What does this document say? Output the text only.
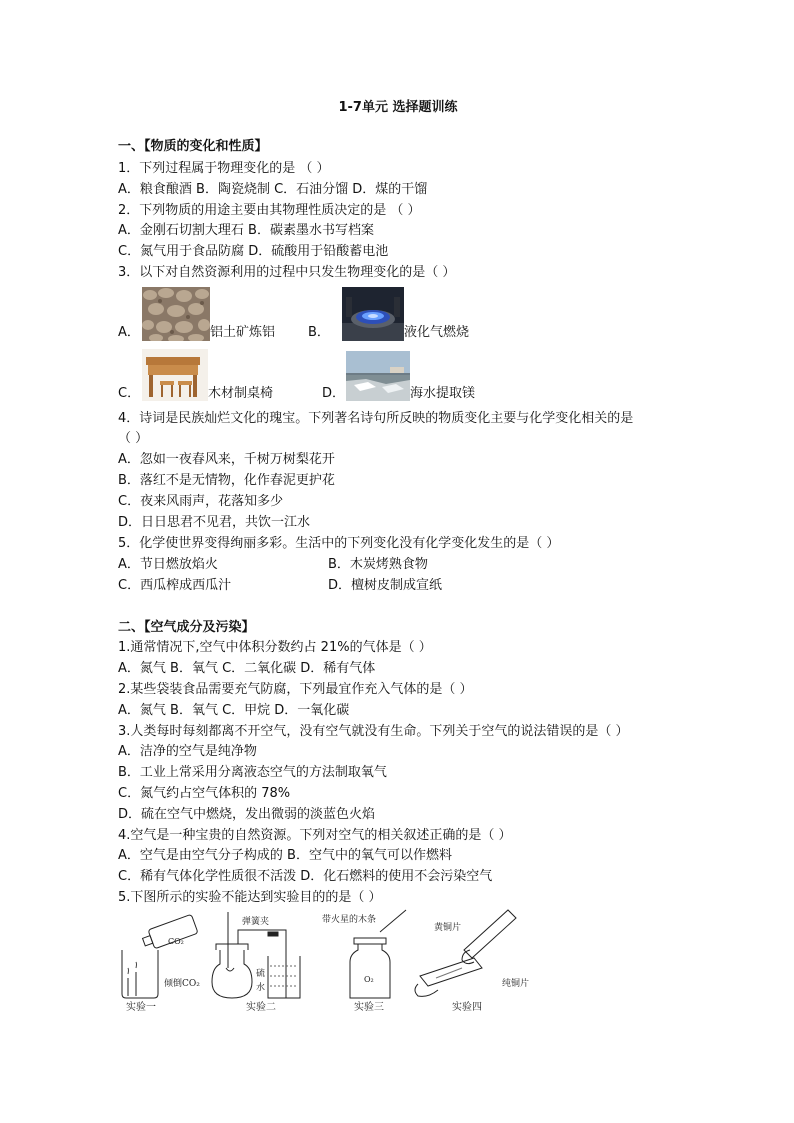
1-7单元 选择题训练
一、【物质的变化和性质】
1．下列过程属于物理变化的是 （ ）
A．粮食酿酒 B．陶瓷烧制 C．石油分馏 D．煤的干馏
2．下列物质的用途主要由其物理性质决定的是 （ ）
A．金刚石切割大理石 B．碳素墨水书写档案
C．氮气用于食品防腐 D．硫酸用于铅酸蓄电池
3．以下对自然资源利用的过程中只发生物理变化的是（ ）
A．	铝土矿炼铝	B．	液化气燃烧
C．	木材制桌椅	D．	海水提取镁
4．诗词是民族灿烂文化的瑰宝。下列著名诗句所反映的物质变化主要与化学变化相关的是
（ ）
A．忽如一夜春风来，千树万树梨花开
B．落红不是无情物，化作春泥更护花
C．夜来风雨声，花落知多少
D．日日思君不见君，共饮一江水
5．化学使世界变得绚丽多彩。生活中的下列变化没有化学变化发生的是（ ）
A．节日燃放焰火	B．木炭烤熟食物
C．西瓜榨成西瓜汁	D．檀树皮制成宣纸
二、【空气成分及污染】
1.通常情况下,空气中体积分数约占 21%的气体是（ ）
A．氮气 B．氧气 C．二氧化碳 D．稀有气体
2.某些袋装食品需要充气防腐，下列最宜作充入气体的是（ ）
A．氮气 B．氧气 C．甲烷 D．一氧化碳
3.人类每时每刻都离不开空气，没有空气就没有生命。下列关于空气的说法错误的是（ ）
A．洁净的空气是纯净物
B．工业上常采用分离液态空气的方法制取氧气
C．氮气约占空气体积的 78%
D．硫在空气中燃烧，发出微弱的淡蓝色火焰
4.空气是一种宝贵的自然资源。下列对空气的相关叙述正确的是（ ）
A．空气是由空气分子构成的 B．空气中的氧气可以作燃料
C．稀有气体化学性质很不活泼 D．化石燃料的使用不会污染空气
5.下图所示的实验不能达到实验目的的是（ ）
CO₂
倾倒CO₂
实验一
弹簧夹
硫
水
实验二
O₂
带火星的木条
实验三
黄铜片
纯铜片
实验四
